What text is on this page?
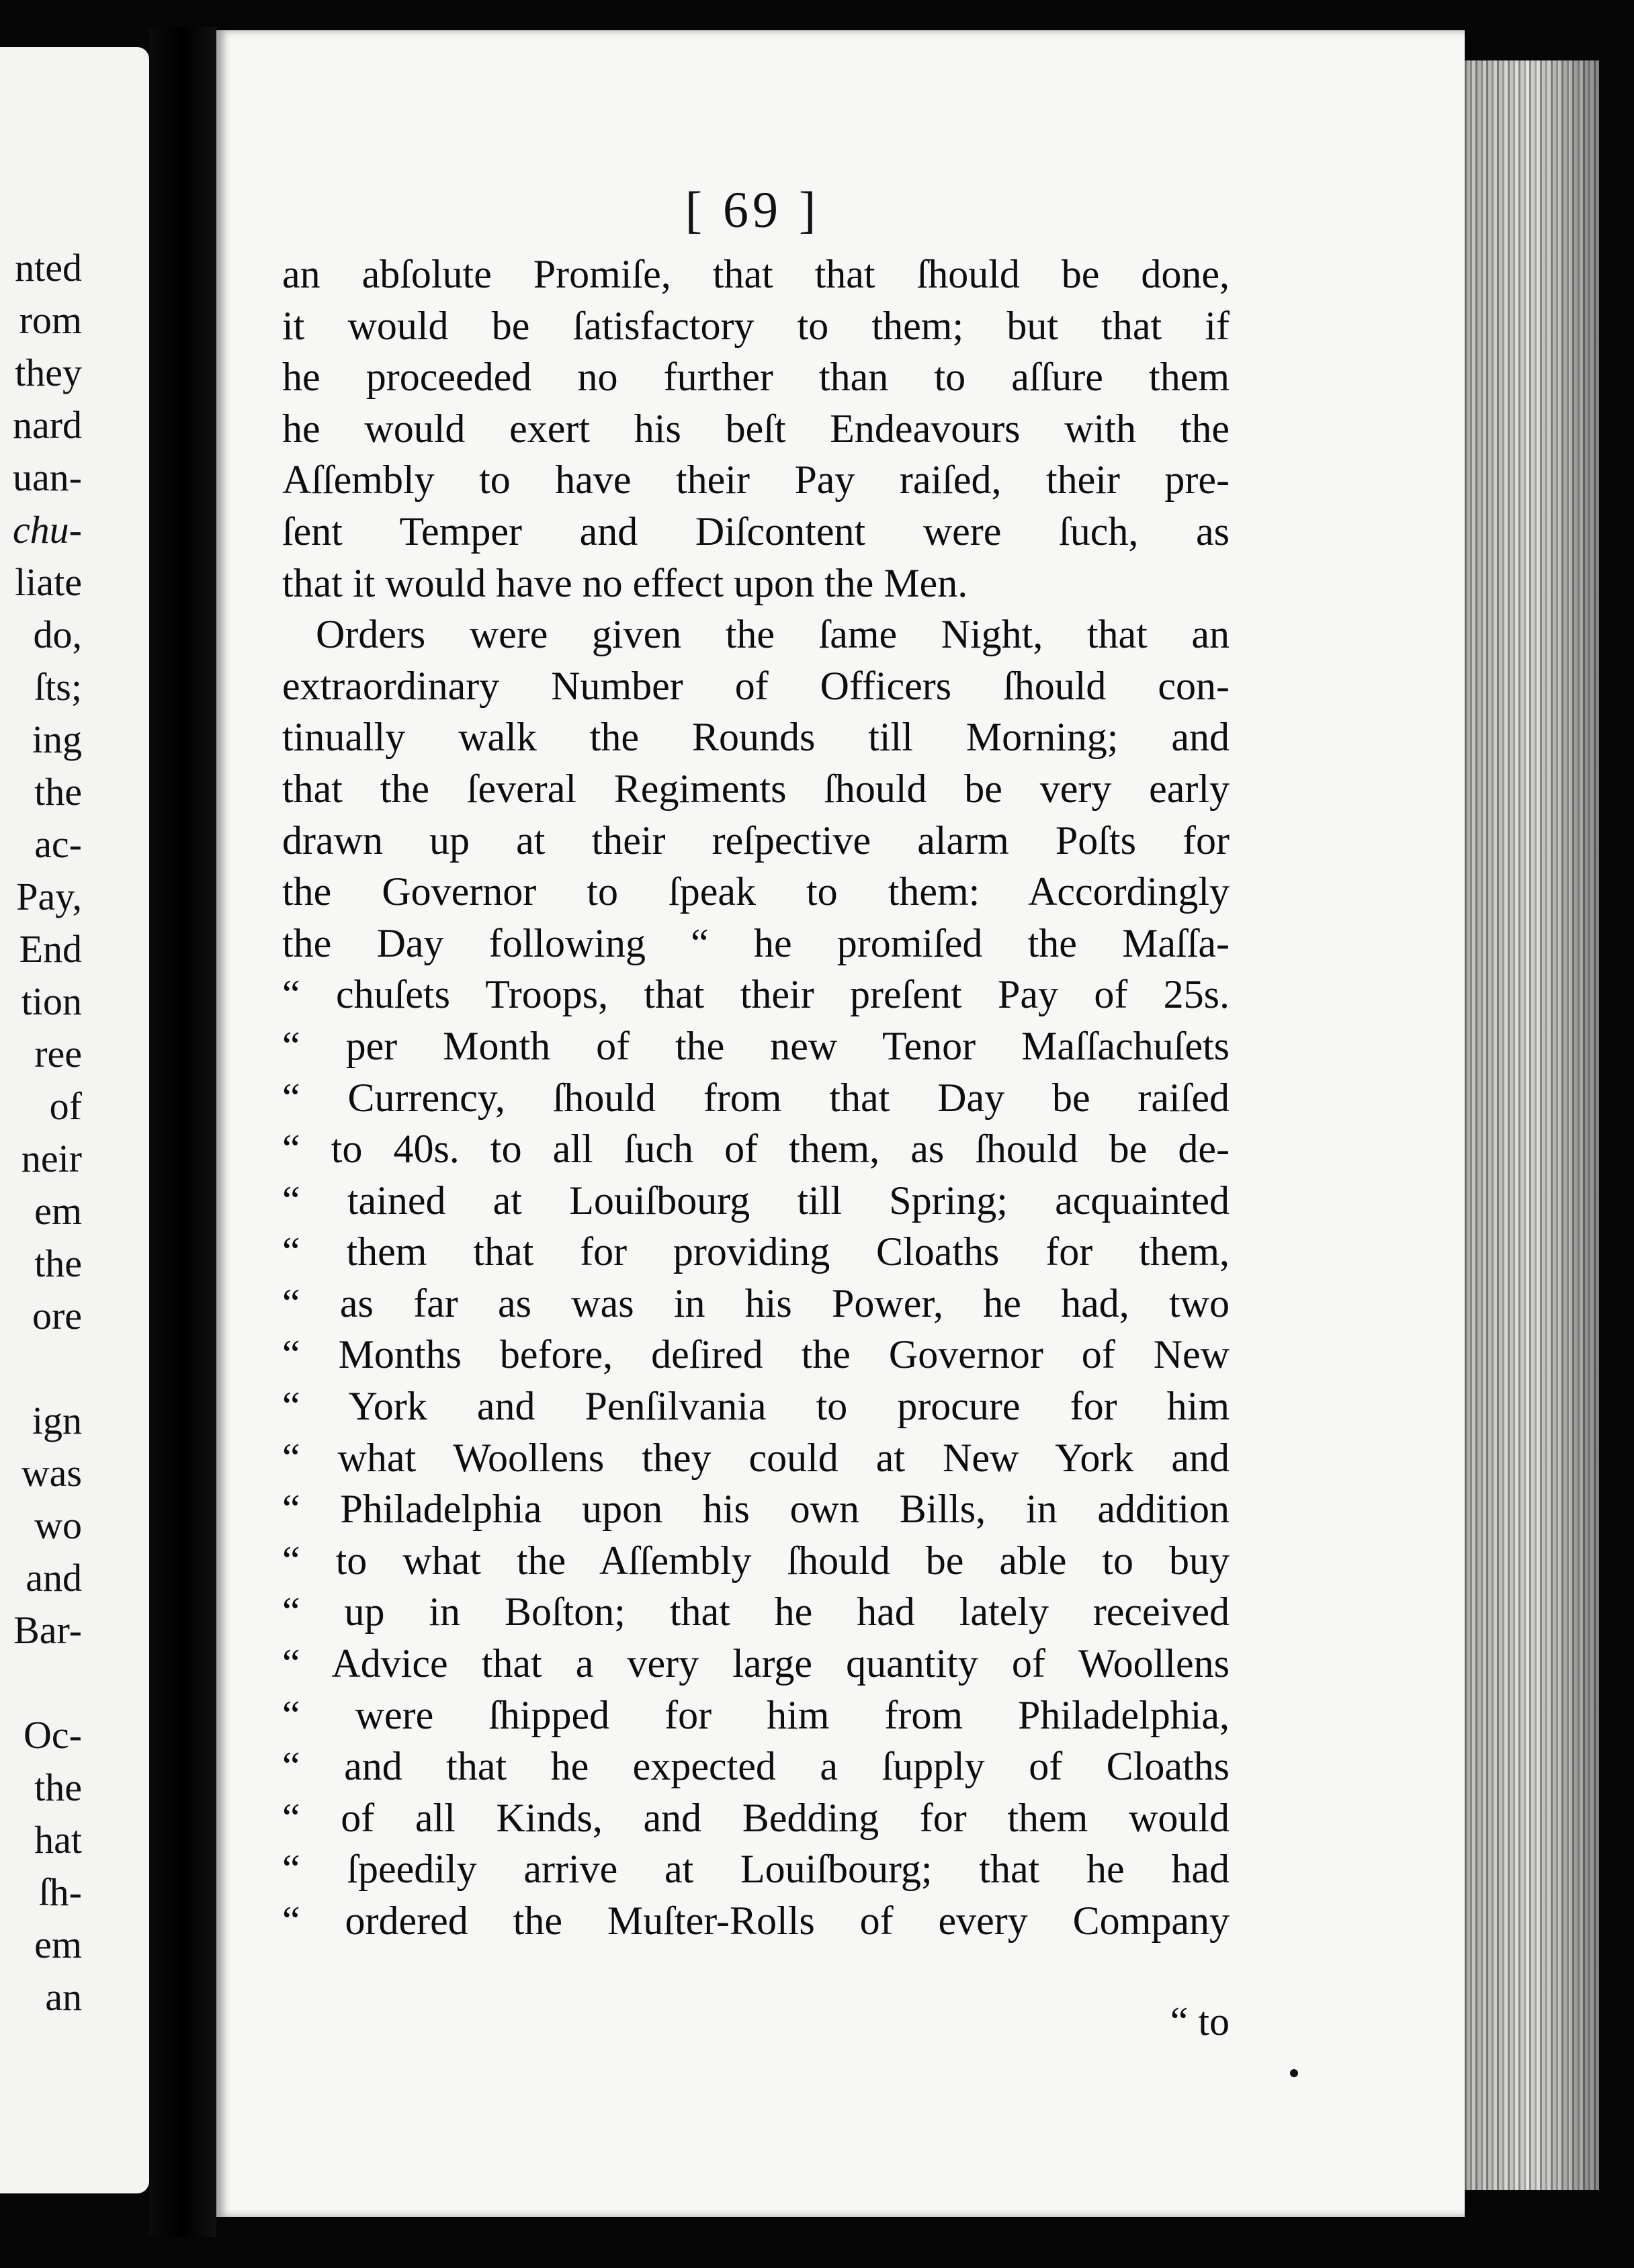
nted
rom
they
nard
uan-
chu-
liate
do,
ſts;
ing
the
ac-
Pay,
End
tion
ree
of
neir
em
the
ore
ign
was
wo
and
Bar-
Oc-
the
hat
ſh-
em
an
[ 69 ]
an abſolute Promiſe, that that ſhould be done,
it would be ſatisfactory to them; but that if
he proceeded no further than to aſſure them
he would exert his beſt Endeavours with the
Aſſembly to have their Pay raiſed, their pre-
ſent Temper and Diſcontent were ſuch, as
that it would have no effect upon the Men.
Orders were given the ſame Night, that an
extraordinary Number of Officers ſhould con-
tinually walk the Rounds till Morning; and
that the ſeveral Regiments ſhould be very early
drawn up at their reſpective alarm Poſts for
the Governor to ſpeak to them: Accordingly
the Day following “ he promiſed the Maſſa-
“ chuſets Troops, that their preſent Pay of 25s.
“ per Month of the new Tenor Maſſachuſets
“ Currency, ſhould from that Day be raiſed
“ to 40s. to all ſuch of them, as ſhould be de-
“ tained at Louiſbourg till Spring; acquainted
“ them that for providing Cloaths for them,
“ as far as was in his Power, he had, two
“ Months before, deſired the Governor of New
“ York and Penſilvania to procure for him
“ what Woollens they could at New York and
“ Philadelphia upon his own Bills, in addition
“ to what the Aſſembly ſhould be able to buy
“ up in Boſton; that he had lately received
“ Advice that a very large quantity of Woollens
“ were ſhipped for him from Philadelphia,
“ and that he expected a ſupply of Cloaths
“ of all Kinds, and Bedding for them would
“ ſpeedily arrive at Louiſbourg; that he had
“ ordered the Muſter-Rolls of every Company
“ to
